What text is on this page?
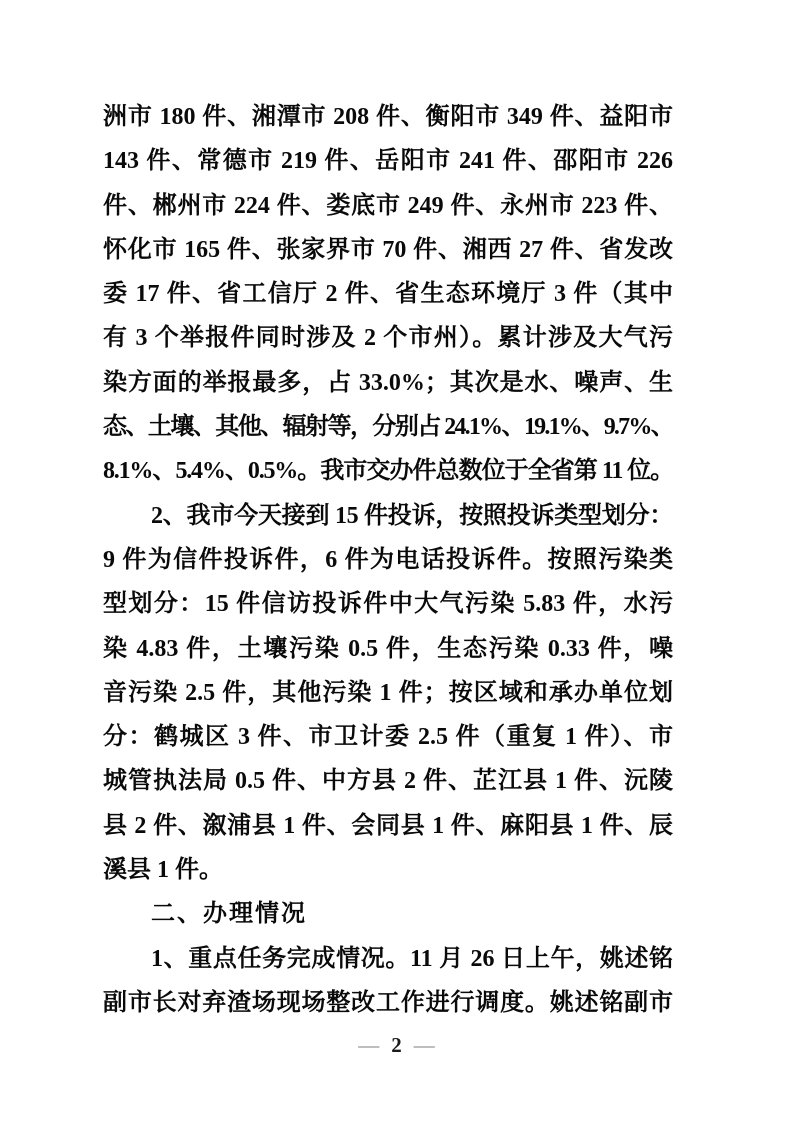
洲市 180 件、湘潭市 208 件、衡阳市 349 件、益阳市
143 件、常德市 219 件、岳阳市 241 件、邵阳市 226
件、郴州市 224 件、娄底市 249 件、永州市 223 件、
怀化市 165 件、张家界市 70 件、湘西 27 件、省发改
委 17 件、省工信厅 2 件、省生态环境厅 3 件（其中
有 3 个举报件同时涉及 2 个市州）。累计涉及大气污
染方面的举报最多，占 33.0%；其次是水、噪声、生
态、土壤、其他、辐射等，分别占 24.1%、19.1%、9.7%、
8.1%、5.4%、0.5%。我市交办件总数位于全省第 11 位。
2、我市今天接到 15 件投诉，按照投诉类型划分：
9 件为信件投诉件，6 件为电话投诉件。按照污染类
型划分：15 件信访投诉件中大气污染 5.83 件，水污
染 4.83 件，土壤污染 0.5 件，生态污染 0.33 件，噪
音污染 2.5 件，其他污染 1 件；按区域和承办单位划
分：鹤城区 3 件、市卫计委 2.5 件（重复 1 件）、市
城管执法局 0.5 件、中方县 2 件、芷江县 1 件、沅陵
县 2 件、溆浦县 1 件、会同县 1 件、麻阳县 1 件、辰
溪县 1 件。
二、办理情况
1、重点任务完成情况。11 月 26 日上午，姚述铭
副市长对弃渣场现场整改工作进行调度。姚述铭副市
— 2 —
